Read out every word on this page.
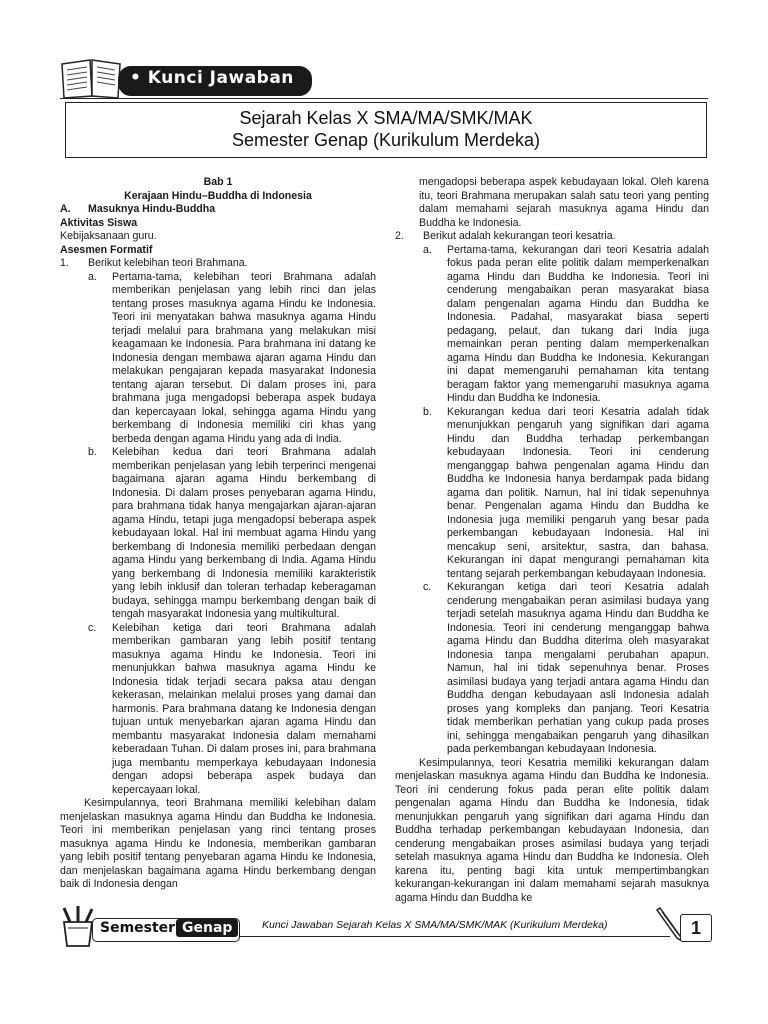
• Kunci Jawaban
Sejarah Kelas X SMA/MA/SMK/MAK
Semester Genap (Kurikulum Merdeka)
Bab 1
Kerajaan Hindu–Buddha di Indonesia
A.	Masuknya Hindu-Buddha
Aktivitas Siswa
Kebijaksanaan guru.
Asesmen Formatif
1.	Berikut kelebihan teori Brahmana.
a.	Pertama-tama, kelebihan teori Brahmana adalah memberikan penjelasan yang lebih rinci dan jelas tentang proses masuknya agama Hindu ke Indonesia. Teori ini menyatakan bahwa masuknya agama Hindu terjadi melalui para brahmana yang melakukan misi keagamaan ke Indonesia. Para brahmana ini datang ke Indonesia dengan membawa ajaran agama Hindu dan melakukan pengajaran kepada masyarakat Indonesia tentang ajaran tersebut. Di dalam proses ini, para brahmana juga mengadopsi beberapa aspek budaya dan kepercayaan lokal, sehingga agama Hindu yang berkembang di Indonesia memiliki ciri khas yang berbeda dengan agama Hindu yang ada di India.
b.	Kelebihan kedua dari teori Brahmana adalah memberikan penjelasan yang lebih terperinci mengenai bagaimana ajaran agama Hindu berkembang di Indonesia. Di dalam proses penyebaran agama Hindu, para brahmana tidak hanya mengajarkan ajaran-ajaran agama Hindu, tetapi juga mengadopsi beberapa aspek kebudayaan lokal. Hal ini membuat agama Hindu yang berkembang di Indonesia memiliki perbedaan dengan agama Hindu yang berkembang di India. Agama Hindu yang berkembang di Indonesia memiliki karakteristik yang lebih inklusif dan toleran terhadap keberagaman budaya, sehingga mampu berkembang dengan baik di tengah masyarakat Indonesia yang multikultural.
c.	Kelebihan ketiga dari teori Brahmana adalah memberikan gambaran yang lebih positif tentang masuknya agama Hindu ke Indonesia. Teori ini menunjukkan bahwa masuknya agama Hindu ke Indonesia tidak terjadi secara paksa atau dengan kekerasan, melainkan melalui proses yang damai dan harmonis. Para brahmana datang ke Indonesia dengan tujuan untuk menyebarkan ajaran agama Hindu dan membantu masyarakat Indonesia dalam memahami keberadaan Tuhan. Di dalam proses ini, para brahmana juga membantu memperkaya kebudayaan Indonesia dengan adopsi beberapa aspek budaya dan kepercayaan lokal.
Kesimpulannya, teori Brahmana memiliki kelebihan dalam menjelaskan masuknya agama Hindu dan Buddha ke Indonesia. Teori ini memberikan penjelasan yang rinci tentang proses masuknya agama Hindu ke Indonesia, memberikan gambaran yang lebih positif tentang penyebaran agama Hindu ke Indonesia, dan menjelaskan bagaimana agama Hindu berkembang dengan baik di Indonesia dengan
mengadopsi beberapa aspek kebudayaan lokal. Oleh karena itu, teori Brahmana merupakan salah satu teori yang penting dalam memahami sejarah masuknya agama Hindu dan Buddha ke Indonesia.
2.	Berikut adalah kekurangan teori kesatria.
a.	Pertama-tama, kekurangan dari teori Kesatria adalah fokus pada peran elite politik dalam memperkenalkan agama Hindu dan Buddha ke Indonesia. Teori ini cenderung mengabaikan peran masyarakat biasa dalam pengenalan agama Hindu dan Buddha ke Indonesia. Padahal, masyarakat biasa seperti pedagang, pelaut, dan tukang dari India juga memainkan peran penting dalam memperkenalkan agama Hindu dan Buddha ke Indonesia. Kekurangan ini dapat memengaruhi pemahaman kita tentang beragam faktor yang memengaruhi masuknya agama Hindu dan Buddha ke Indonesia.
b.	Kekurangan kedua dari teori Kesatria adalah tidak menunjukkan pengaruh yang signifikan dari agama Hindu dan Buddha terhadap perkembangan kebudayaan Indonesia. Teori ini cenderung menganggap bahwa pengenalan agama Hindu dan Buddha ke Indonesia hanya berdampak pada bidang agama dan politik. Namun, hal ini tidak sepenuhnya benar. Pengenalan agama Hindu dan Buddha ke Indonesia juga memiliki pengaruh yang besar pada perkembangan kebudayaan Indonesia. Hal ini mencakup seni, arsitektur, sastra, dan bahasa. Kekurangan ini dapat mengurangi pemahaman kita tentang sejarah perkembangan kebudayaan Indonesia.
c.	Kekurangan ketiga dari teori Kesatria adalah cenderung mengabaikan peran asimilasi budaya yang terjadi setelah masuknya agama Hindu dan Buddha ke Indonesia. Teori ini cenderung menganggap bahwa agama Hindu dan Buddha diterima oleh masyarakat Indonesia tanpa mengalami perubahan apapun. Namun, hal ini tidak sepenuhnya benar. Proses asimilasi budaya yang terjadi antara agama Hindu dan Buddha dengan kebudayaan asli Indonesia adalah proses yang kompleks dan panjang. Teori Kesatria tidak memberikan perhatian yang cukup pada proses ini, sehingga mengabaikan pengaruh yang dihasilkan pada perkembangan kebudayaan Indonesia.
Kesimpulannya, teori Kesatria memiliki kekurangan dalam menjelaskan masuknya agama Hindu dan Buddha ke Indonesia. Teori ini cenderung fokus pada peran elite politik dalam pengenalan agama Hindu dan Buddha ke Indonesia, tidak menunjukkan pengaruh yang signifikan dari agama Hindu dan Buddha terhadap perkembangan kebudayaan Indonesia, dan cenderung mengabaikan proses asimilasi budaya yang terjadi setelah masuknya agama Hindu dan Buddha ke Indonesia. Oleh karena itu, penting bagi kita untuk mempertimbangkan kekurangan-kekurangan ini dalam memahami sejarah masuknya agama Hindu dan Buddha ke
Semester Genap	Kunci Jawaban Sejarah Kelas X SMA/MA/SMK/MAK (Kurikulum Merdeka)	1
